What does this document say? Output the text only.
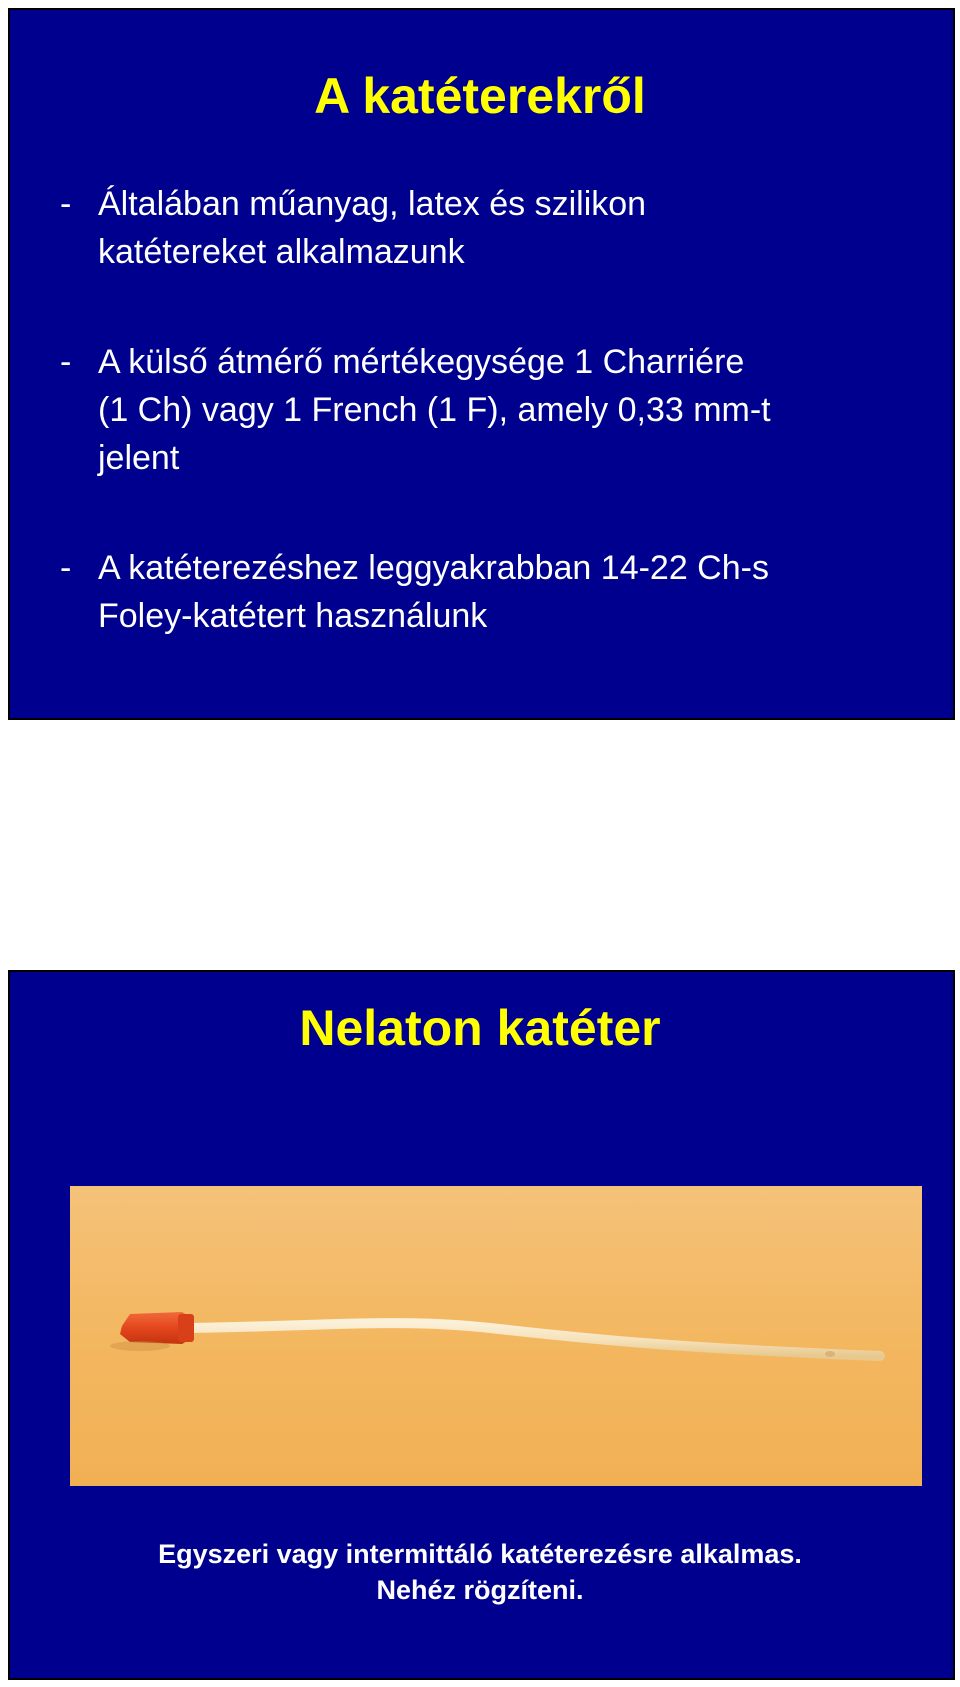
A katéterekről
- Általában műanyag, latex és szilikon
katétereket alkalmazunk
- A külső átmérő mértékegysége 1 Charriére
(1 Ch) vagy 1 French (1 F), amely 0,33 mm-t
jelent
- A katéterezéshez leggyakrabban 14-22 Ch-s
Foley-katétert használunk
Nelaton katéter

Egyszeri vagy intermittáló katéterezésre alkalmas.
Nehéz rögzíteni.
